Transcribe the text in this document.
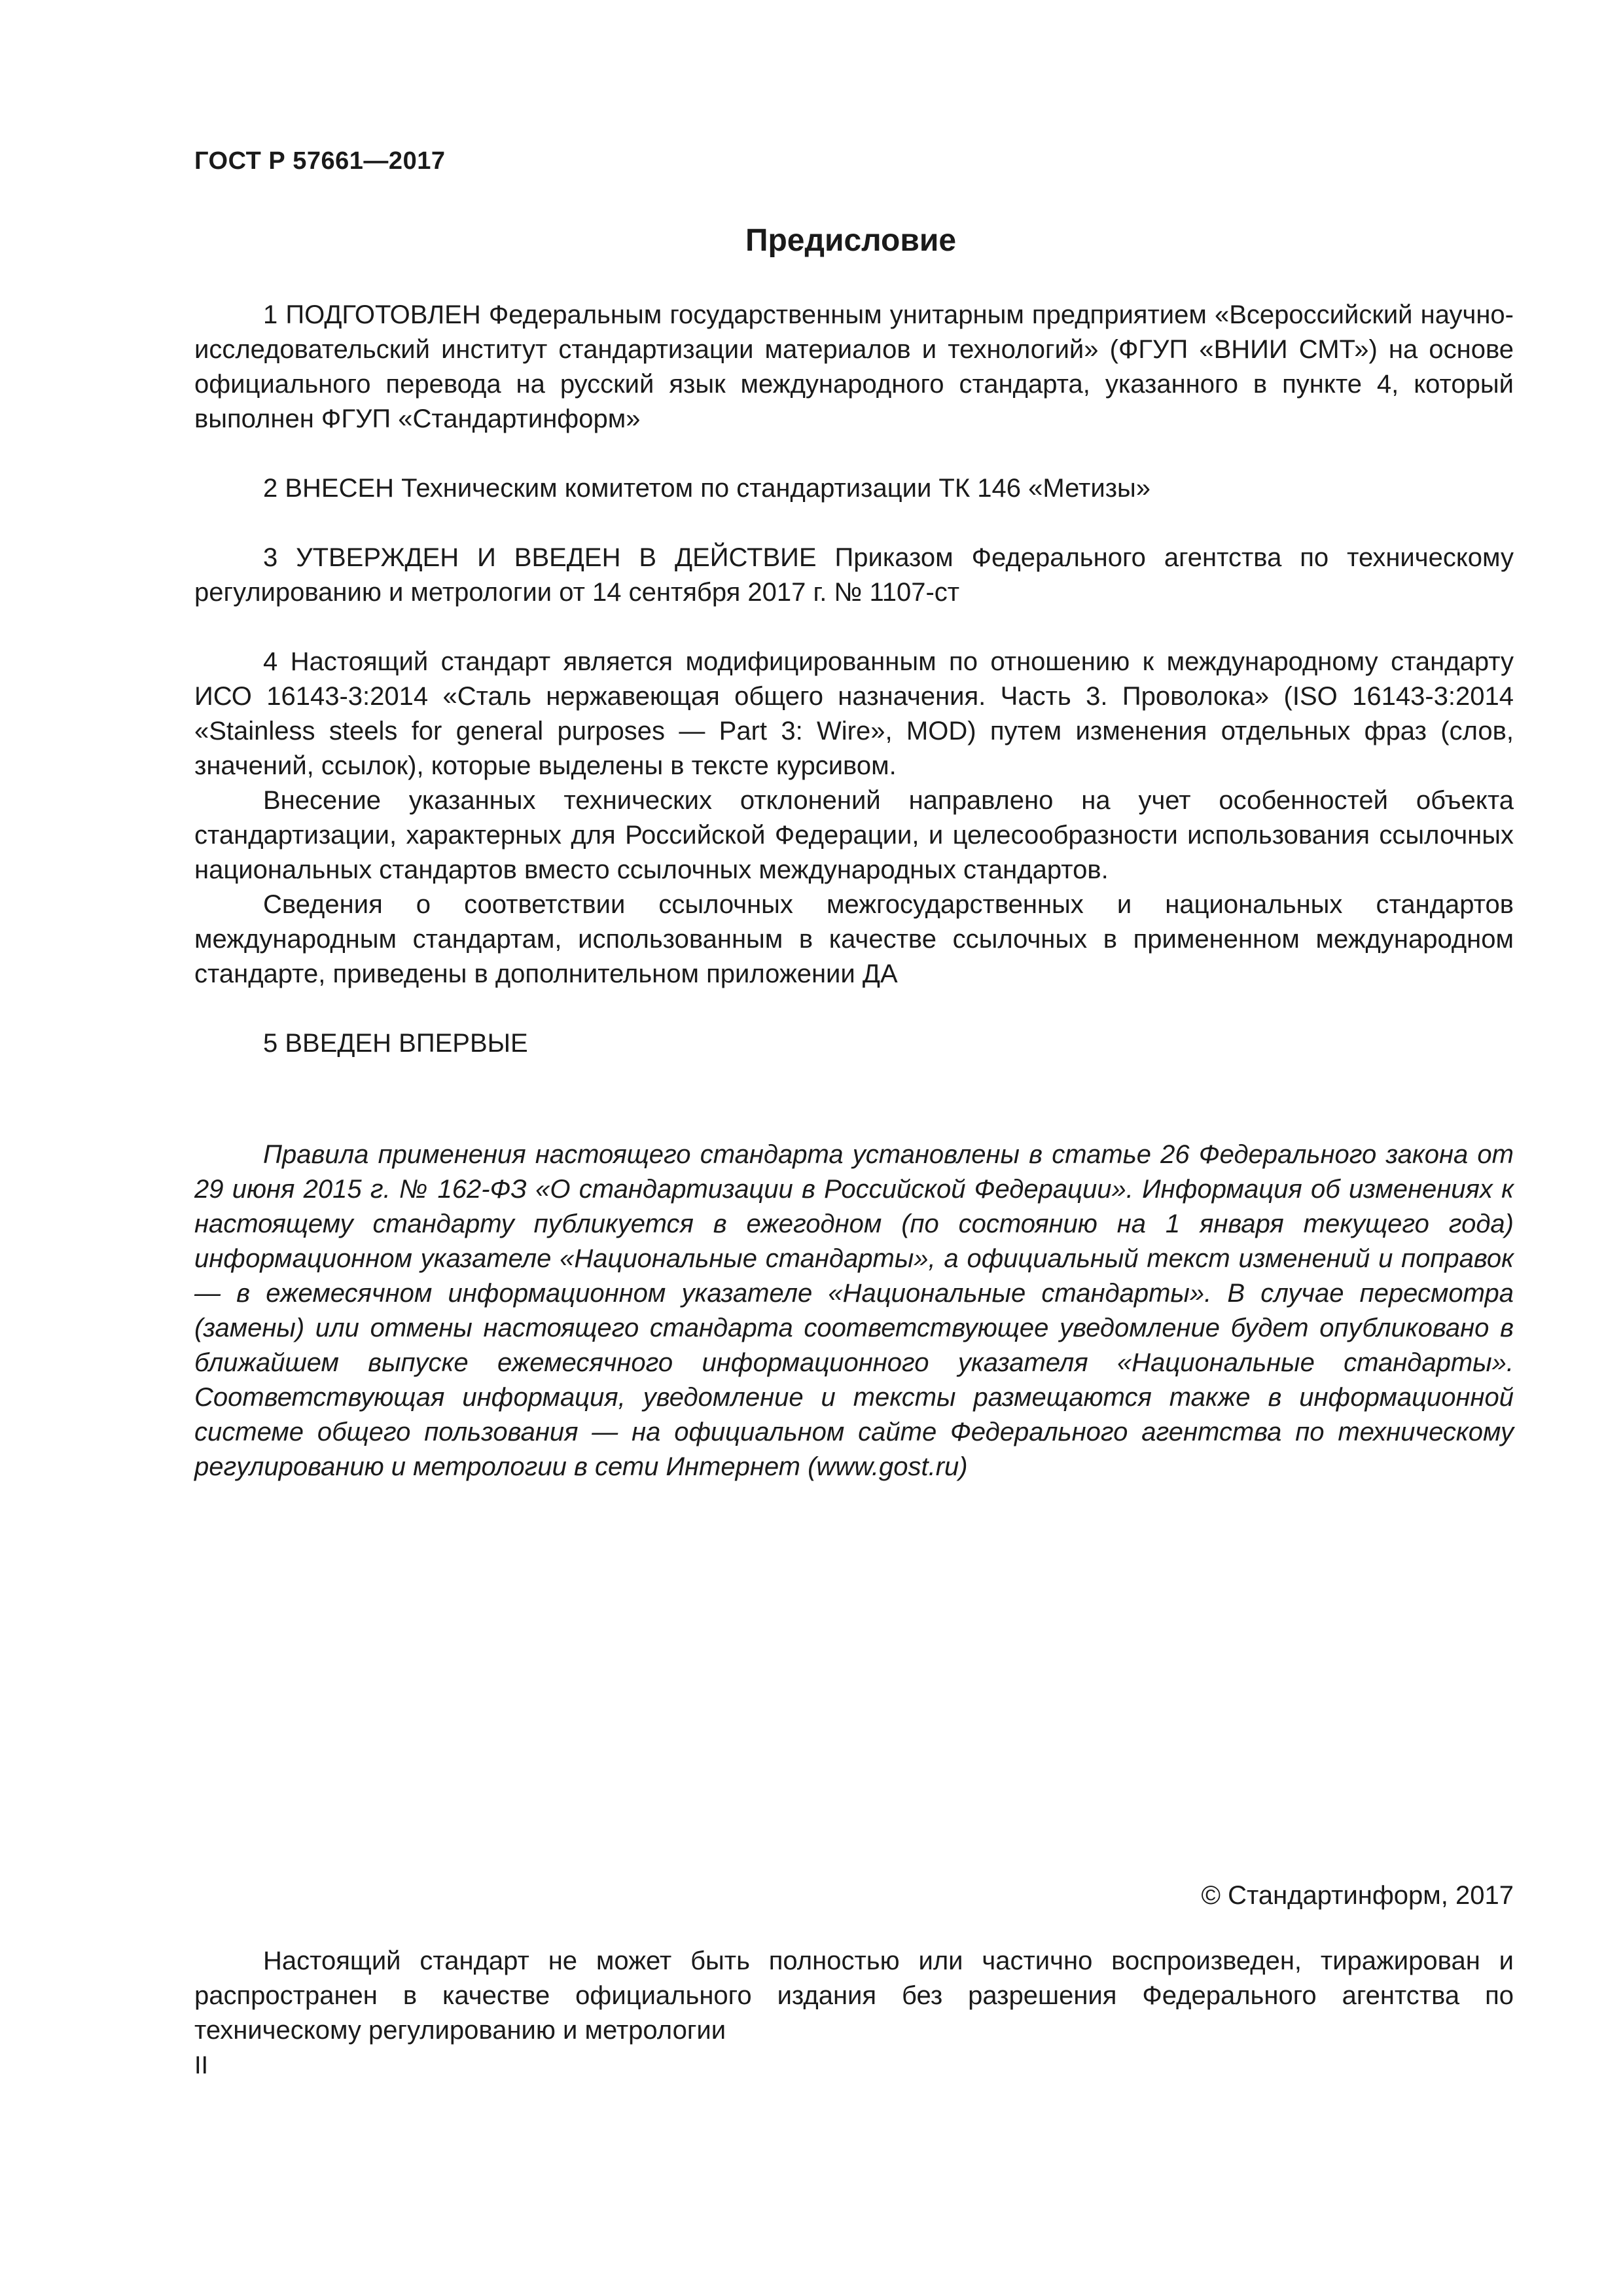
ГОСТ Р 57661—2017
Предисловие

1 ПОДГОТОВЛЕН Федеральным государственным унитарным предприятием «Всероссийский научно-исследовательский институт стандартизации материалов и технологий» (ФГУП «ВНИИ СМТ») на основе официального перевода на русский язык международного стандарта, указанного в пункте 4, который выполнен ФГУП «Стандартинформ»

2 ВНЕСЕН Техническим комитетом по стандартизации ТК 146 «Метизы»

3 УТВЕРЖДЕН И ВВЕДЕН В ДЕЙСТВИЕ Приказом Федерального агентства по техническому регулированию и метрологии от 14 сентября 2017 г. № 1107-ст

4 Настоящий стандарт является модифицированным по отношению к международному стандарту ИСО 16143-3:2014 «Сталь нержавеющая общего назначения. Часть 3. Проволока» (ISO 16143-3:2014 «Stainless steels for general purposes — Part 3: Wire», MOD) путем изменения отдельных фраз (слов, значений, ссылок), которые выделены в тексте курсивом.

Внесение указанных технических отклонений направлено на учет особенностей объекта стандартизации, характерных для Российской Федерации, и целесообразности использования ссылочных национальных стандартов вместо ссылочных международных стандартов.

Сведения о соответствии ссылочных межгосударственных и национальных стандартов международным стандартам, использованным в качестве ссылочных в примененном международном стандарте, приведены в дополнительном приложении ДА

5 ВВЕДЕН ВПЕРВЫЕ

Правила применения настоящего стандарта установлены в статье 26 Федерального закона от 29 июня 2015 г. № 162-ФЗ «О стандартизации в Российской Федерации». Информация об изменениях к настоящему стандарту публикуется в ежегодном (по состоянию на 1 января текущего года) информационном указателе «Национальные стандарты», а официальный текст изменений и поправок — в ежемесячном информационном указателе «Национальные стандарты». В случае пересмотра (замены) или отмены настоящего стандарта соответствующее уведомление будет опубликовано в ближайшем выпуске ежемесячного информационного указателя «Национальные стандарты». Соответствующая информация, уведомление и тексты размещаются также в информационной системе общего пользования — на официальном сайте Федерального агентства по техническому регулированию и метрологии в сети Интернет (www.gost.ru)

© Стандартинформ, 2017

Настоящий стандарт не может быть полностью или частично воспроизведен, тиражирован и распространен в качестве официального издания без разрешения Федерального агентства по техническому регулированию и метрологии

II
